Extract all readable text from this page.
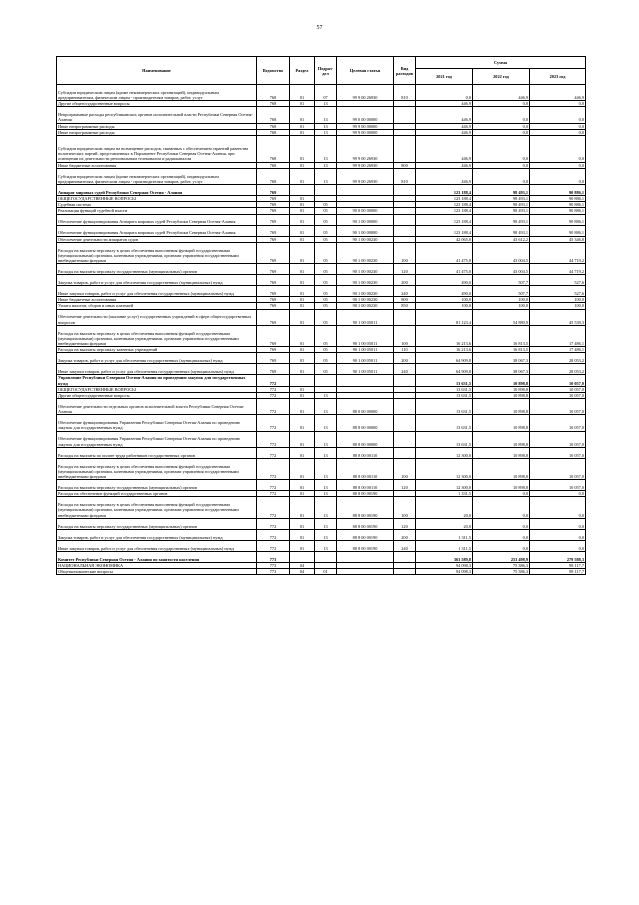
57
Наименование	Ведомство	Раздел	Подраз-дел	Целевая статья	Вид расходов	Сумма		
						2021 год	2022 год	2023 год
Субсидии юридическим лицам (кроме некоммерческих организаций), индивидуальным предпринимателям, физическим лицам - производителям товаров, работ, услуг	768	01	07	99 9 00 26930	810	0,0	446,9	446,9
Другие общегосударственные вопросы	768	01	13			446,9	0,0	0,0
Непрограммные расходы республиканских органов исполнительной власти Республики Северная Осетия-Алания	768	01	13	99 0 00 00000		446,9	0,0	0,0
Иные непрограммные расходы	768	01	13	99 9 00 00000		446,9	0,0	0,0
Иные непрограммные расходы	768	01	13	99 9 00 00000		446,9	0,0	0,0
Субсидии юридическим лицам на возмещение расходов, связанных с обеспечением гарантий равенства политических партий, представленных в Парламенте Республики Северная Осетия-Алания, при освещении их деятельности региональным телеканалом и радиоканалом	768	01	13	99 9 00 26930		446,9	0,0	0,0
Иные бюджетные ассигнования	768	01	13	99 9 00 26930	800	446,9	0,0	0,0
Субсидии юридическим лицам (кроме некоммерческих организаций), индивидуальным предпринимателям, физическим лицам - производителям товаров, работ, услуг	768	01	13	99 9 00 26930	810	446,9	0,0	0,0
Аппарат мировых судей Республики Северная Осетия - Алания	769					123 188,4	98 493,1	90 886,1
ОБЩЕГОСУДАРСТВЕННЫЕ ВОПРОСЫ	769	01				123 188,4	98 493,1	90 886,1
Судебная система	769	01	05			123 188,4	98 493,1	90 886,1
Реализация функций судебной власти	769	01	05	90 0 00 00000		123 188,4	98 493,1	90 886,1
Обеспечение функционирования Аппарата мировых судей Республики Северная Осетия-Алания	769	01	05	90 1 00 00000		123 188,4	98 493,1	90 886,1
Обеспечение функционирования Аппарата мировых судей Республики Северная Осетия-Алания	769	01	05	90 1 00 00000		123 188,4	98 493,1	90 886,1
Обеспечение деятельности аппаратов судов	769	01	05	90 1 00 00230		42 065,0	43 612,2	45 346,8
Расходы на выплаты персоналу в целях обеспечения выполнения функций государственными (муниципальными) органами, казенными учреждениями, органами управления государственными внебюджетными фондами	769	01	05	90 1 00 00230	100	41 475,0	43 004,5	44 719,2
Расходы на выплаты персоналу государственных (муниципальных) органов	769	01	05	90 1 00 00230	120	41 475,0	43 004,5	44 719,2
Закупка товаров, работ и услуг для обеспечения государственных (муниципальных) нужд	769	01	05	90 1 00 00230	200	490,0	507,7	527,6
Иные закупки товаров, работ и услуг для обеспечения государственных (муниципальных) нужд	769	01	05	90 1 00 00230	240	490,0	507,7	527,6
Иные бюджетные ассигнования	769	01	05	90 1 00 00230	800	100,0	100,0	100,0
Уплата налогов, сборов и иных платежей	769	01	05	90 1 00 00230	850	100,0	100,0	100,0
Обеспечение деятельности (оказание услуг) государственных учреждений в сфере общегосударственных вопросов	769	01	05	90 1 00 05011		81 123,4	54 880,9	45 539,3
Расходы на выплаты персоналу в целях обеспечения выполнения функций государственными (муниципальными) органами, казенными учреждениями, органами управления государственными внебюджетными фондами	769	01	05	90 1 00 05011	100	16 213,6	16 813,5	17 486,1
Расходы на выплаты персоналу казенных учреждений	769	01	05	90 1 00 05011	110	16 213,6	16 813,5	17 486,1
Закупка товаров, работ и услуг для обеспечения государственных (муниципальных) нужд	769	01	05	90 1 00 05011	200	64 909,8	38 067,3	28 053,2
Иные закупки товаров, работ и услуг для обеспечения государственных (муниципальных) нужд	769	01	05	90 1 00 05011	240	64 909,8	38 067,3	28 053,2
Управление Республики Северная Осетия-Алания по проведению закупок для государственных нужд	772					13 631,5	10 898,8	10 057,0
ОБЩЕГОСУДАРСТВЕННЫЕ ВОПРОСЫ	772	01				13 631,5	10 898,8	10 057,0
Другие общегосударственные вопросы	772	01	13			13 631,5	10 898,8	10 057,0
Обеспечение деятельности отдельных органов исполнительной власти Республики Северная Осетия-Алания	772	01	13	88 0 00 00000		13 631,5	10 898,8	10 057,0
Обеспечение функционирования Управления Республики Северная Осетия-Алания по проведению закупок для государственных нужд	772	01	13	88 8 00 00000		13 631,5	10 898,8	10 057,0
Обеспечение функционирования Управления Республики Северная Осетия-Алания по проведению закупок для государственных нужд	772	01	13	88 8 00 00000		13 631,5	10 898,8	10 057,0
Расходы на выплаты по оплате труда работников государственных органов	772	01	13	88 8 00 00110		12 300,0	10 898,8	10 057,0
Расходы на выплаты персоналу в целях обеспечения выполнения функций государственными (муниципальными) органами, казенными учреждениями, органами управления государственными внебюджетными фондами	772	01	13	88 8 00 00110	100	12 300,0	10 898,8	10 057,0
Расходы на выплаты персоналу государственных (муниципальных) органов	772	01	13	88 8 00 00110	120	12 300,0	10 898,8	10 057,0
Расходы на обеспечение функций государственных органов	772	01	13	88 8 00 00190		1 331,5	0,0	0,0
Расходы на выплаты персоналу в целях обеспечения выполнения функций государственными (муниципальными) органами, казенными учреждениями, органами управления государственными внебюджетными фондами	772	01	13	88 8 00 00190	100	20,0	0,0	0,0
Расходы на выплаты персоналу государственных (муниципальных) органов	772	01	13	88 8 00 00190	120	20,0	0,0	0,0
Закупка товаров, работ и услуг для обеспечения государственных (муниципальных) нужд	772	01	13	88 8 00 00190	200	1 311,5	0,0	0,0
Иные закупки товаров, работ и услуг для обеспечения государственных (муниципальных) нужд	772	01	13	88 8 00 00190	240	1 311,5	0,0	0,0
Комитет Республики Северная Осетия - Алания по занятости населения	773					363 589,8	253 498,9	279 588,3
НАЦИОНАЛЬНАЯ ЭКОНОМИКА	773	04				94 098,3	75 386,3	98 117,7
Общеэкономические вопросы	773	04	01			94 098,3	75 386,3	98 117,7
